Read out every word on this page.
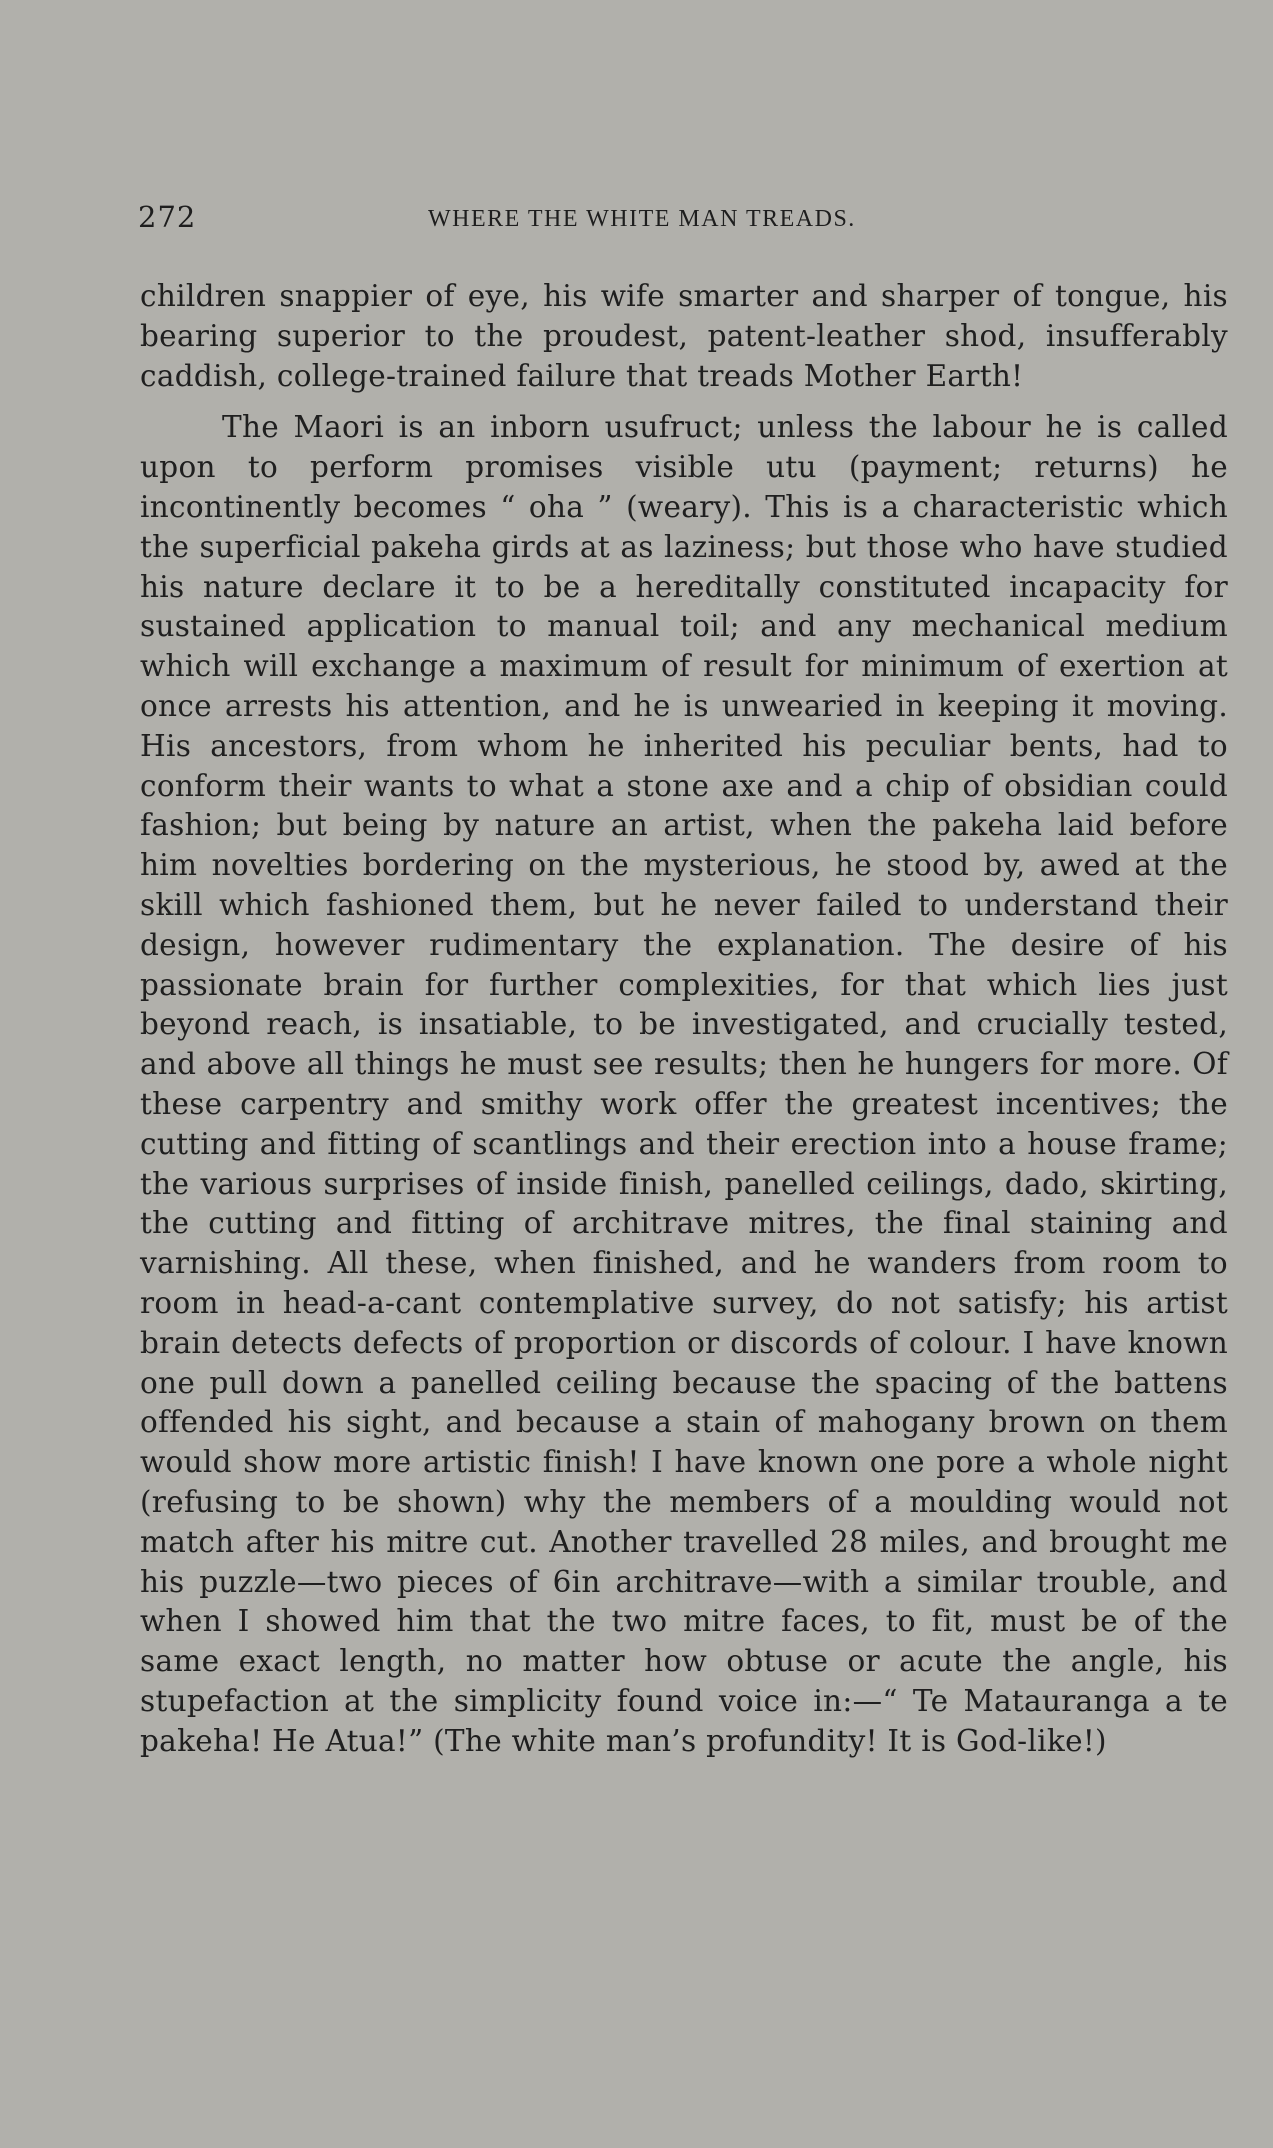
272	WHERE THE WHITE MAN TREADS.

children snappier of eye, his wife smarter and sharper of tongue, his bearing superior to the proudest, patent-leather shod, insufferably caddish, college-trained failure that treads Mother Earth!

The Maori is an inborn usufruct; unless the labour he is called upon to perform promises visible utu (payment; returns) he incontinently becomes “ oha ” (weary). This is a characteristic which the superficial pakeha girds at as laziness; but those who have studied his nature declare it to be a hereditally constituted incapacity for sustained application to manual toil; and any mechanical medium which will exchange a maximum of result for minimum of exertion at once arrests his attention, and he is unwearied in keeping it moving. His ancestors, from whom he inherited his peculiar bents, had to conform their wants to what a stone axe and a chip of obsidian could fashion; but being by nature an artist, when the pakeha laid before him novelties bordering on the mysterious, he stood by, awed at the skill which fashioned them, but he never failed to understand their design, however rudimentary the explanation. The desire of his passionate brain for further complexities, for that which lies just beyond reach, is insatiable, to be investigated, and crucially tested, and above all things he must see results; then he hungers for more. Of these carpentry and smithy work offer the greatest incentives; the cutting and fitting of scantlings and their erection into a house frame; the various surprises of inside finish, panelled ceilings, dado, skirting, the cutting and fitting of architrave mitres, the final staining and varnishing. All these, when finished, and he wanders from room to room in head-a-cant contemplative survey, do not satisfy; his artist brain detects defects of proportion or discords of colour. I have known one pull down a panelled ceiling because the spacing of the battens offended his sight, and because a stain of mahogany brown on them would show more artistic finish! I have known one pore a whole night (refusing to be shown) why the members of a moulding would not match after his mitre cut. Another travelled 28 miles, and brought me his puzzle—two pieces of 6in architrave—with a similar trouble, and when I showed him that the two mitre faces, to fit, must be of the same exact length, no matter how obtuse or acute the angle, his stupefaction at the simplicity found voice in:—“ Te Matauranga a te pakeha! He Atua!” (The white man’s profundity! It is God-like!)
